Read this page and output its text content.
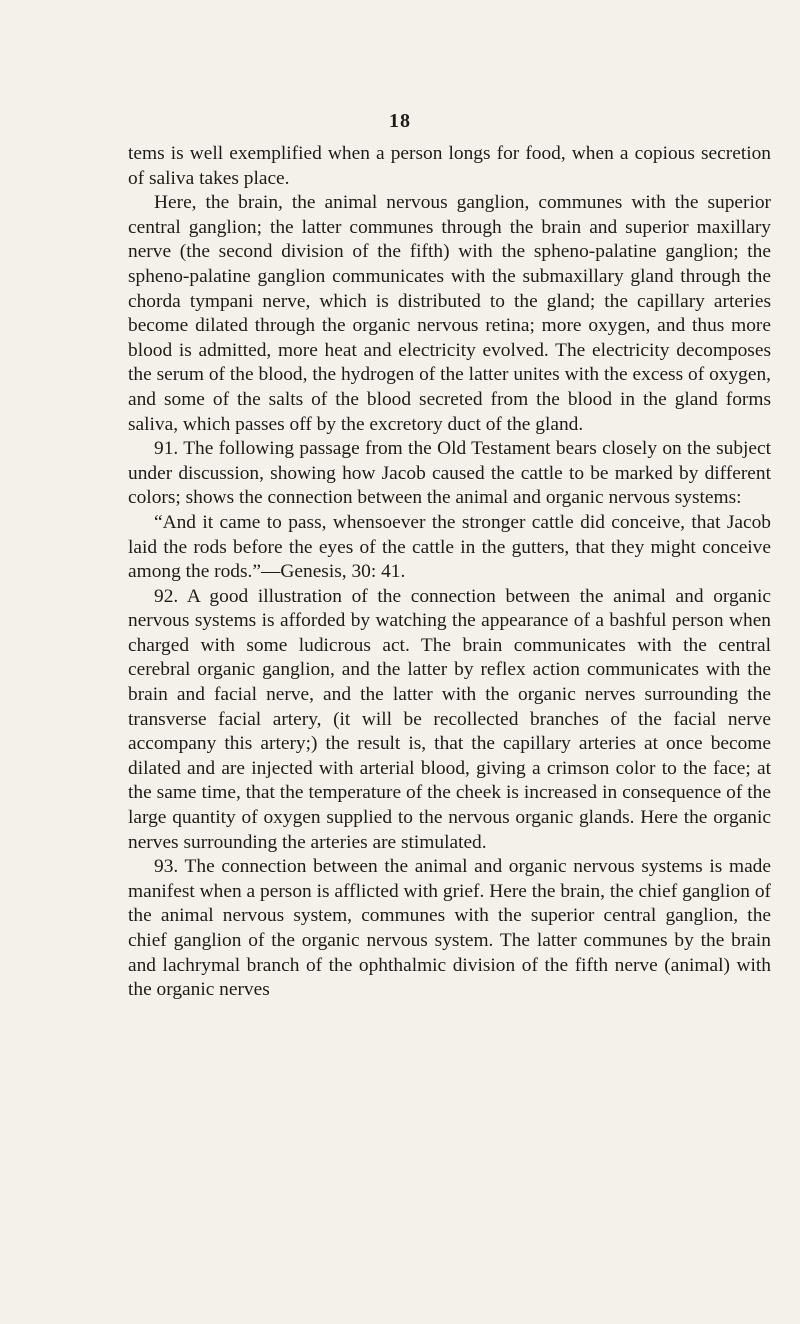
18

tems is well exemplified when a person longs for food, when a copious secretion of saliva takes place.

Here, the brain, the animal nervous ganglion, communes with the superior central ganglion; the latter communes through the brain and superior maxillary nerve (the second division of the fifth) with the spheno-palatine ganglion; the spheno-palatine ganglion communicates with the submaxillary gland through the chorda tympani nerve, which is distributed to the gland; the capillary arteries become dilated through the organic nervous retina; more oxygen, and thus more blood is admitted, more heat and electricity evolved. The electricity decomposes the serum of the blood, the hydrogen of the latter unites with the excess of oxygen, and some of the salts of the blood secreted from the blood in the gland forms saliva, which passes off by the excretory duct of the gland.

91. The following passage from the Old Testament bears closely on the subject under discussion, showing how Jacob caused the cattle to be marked by different colors; shows the connection between the animal and organic nervous systems:

“And it came to pass, whensoever the stronger cattle did conceive, that Jacob laid the rods before the eyes of the cattle in the gutters, that they might conceive among the rods.”—Genesis, 30: 41.

92. A good illustration of the connection between the animal and organic nervous systems is afforded by watching the appearance of a bashful person when charged with some ludicrous act. The brain communicates with the central cerebral organic ganglion, and the latter by reflex action communicates with the brain and facial nerve, and the latter with the organic nerves surrounding the transverse facial artery, (it will be recollected branches of the facial nerve accompany this artery;) the result is, that the capillary arteries at once become dilated and are injected with arterial blood, giving a crimson color to the face; at the same time, that the temperature of the cheek is increased in consequence of the large quantity of oxygen supplied to the nervous organic glands. Here the organic nerves surrounding the arteries are stimulated.

93. The connection between the animal and organic nervous systems is made manifest when a person is afflicted with grief. Here the brain, the chief ganglion of the animal nervous system, communes with the superior central ganglion, the chief ganglion of the organic nervous system. The latter communes by the brain and lachrymal branch of the ophthalmic division of the fifth nerve (animal) with the organic nerves
